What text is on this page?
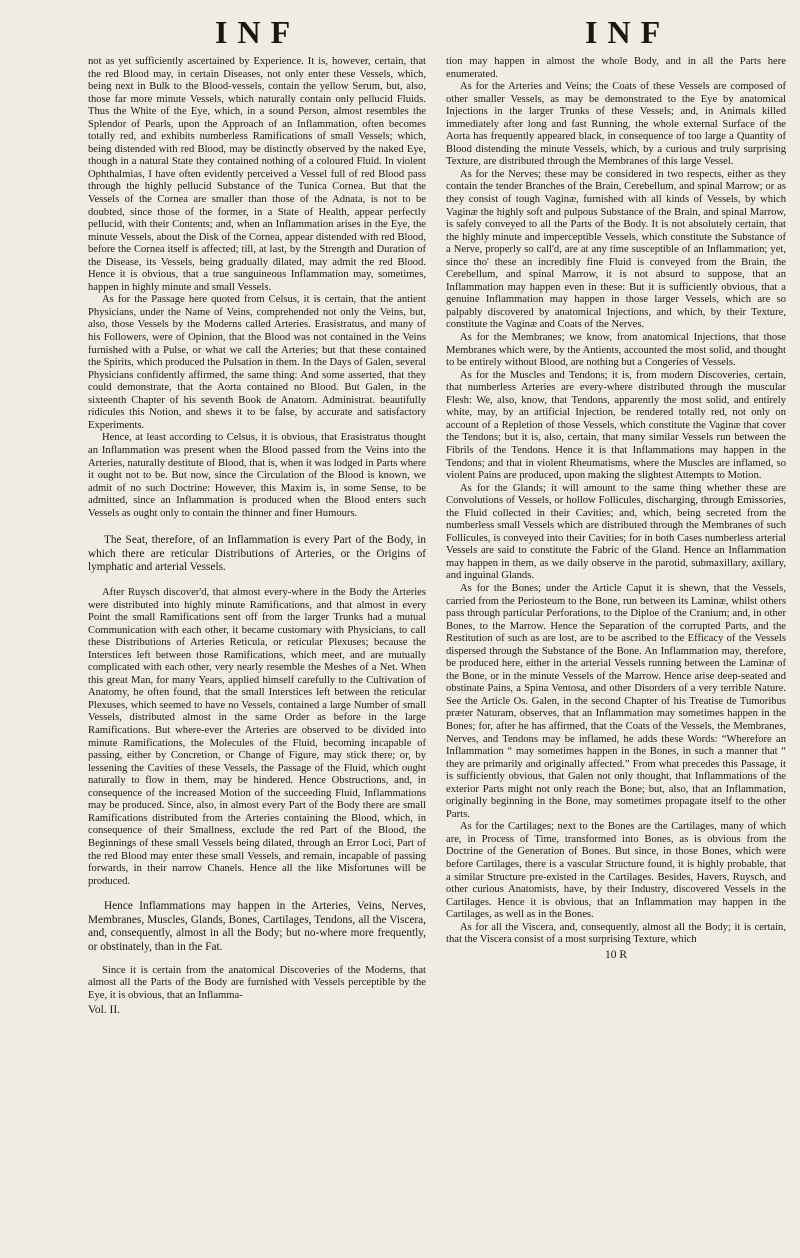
INF	INF

not as yet sufficiently ascertained by Experience. It is, however, certain, that the red Blood may, in certain Diseases, not only enter these Vessels, which, being next in Bulk to the Blood-vessels, contain the yellow Serum, but, also, those far more minute Vessels, which naturally contain only pellucid Fluids. Thus the White of the Eye, which, in a sound Person, almost resembles the Splendor of Pearls, upon the Approach of an Inflammation, often becomes totally red, and exhibits numberless Ramifications of small Vessels; which, being distended with red Blood, may be distinctly observed by the naked Eye, though in a natural State they contained nothing of a coloured Fluid. In violent Ophthalmias, I have often evidently perceived a Vessel full of red Blood pass through the highly pellucid Substance of the Tunica Cornea. But that the Vessels of the Cornea are smaller than those of the Adnata, is not to be doubted, since those of the former, in a State of Health, appear perfectly pellucid, with their Contents; and, when an Inflammation arises in the Eye, the minute Vessels, about the Disk of the Cornea, appear distended with red Blood, before the Cornea itself is affected; till, at last, by the Strength and Duration of the Disease, its Vessels, being gradually dilated, may admit the red Blood. Hence it is obvious, that a true sanguineous Inflammation may, sometimes, happen in highly minute and small Vessels.

As for the Passage here quoted from Celsus, it is certain, that the antient Physicians, under the Name of Veins, comprehended not only the Veins, but, also, those Vessels by the Moderns called Arteries. Erasistratus, and many of his Followers, were of Opinion, that the Blood was not contained in the Veins furnished with a Pulse, or what we call the Arteries; but that these contained the Spirits, which produced the Pulsation in them. In the Days of Galen, several Physicians confidently affirmed, the same thing: And some asserted, that they could demonstrate, that the Aorta contained no Blood. But Galen, in the sixteenth Chapter of his seventh Book de Anatom. Administrat. beautifully ridicules this Notion, and shews it to be false, by accurate and satisfactory Experiments.

Hence, at least according to Celsus, it is obvious, that Erasistratus thought an Inflammation was present when the Blood passed from the Veins into the Arteries, naturally destitute of Blood, that is, when it was lodged in Parts where it ought not to be. But now, since the Circulation of the Blood is known, we admit of no such Doctrine: However, this Maxim is, in some Sense, to be admitted, since an Inflammation is produced when the Blood enters such Vessels as ought only to contain the thinner and finer Humours.

The Seat, therefore, of an Inflammation is every Part of the Body, in which there are reticular Distributions of Arteries, or the Origins of lymphatic and arterial Vessels.

After Ruysch discover'd, that almost every-where in the Body the Arteries were distributed into highly minute Ramifications, and that almost in every Point the small Ramifications sent off from the larger Trunks had a mutual Communication with each other, it became customary with Physicians, to call these Distributions of Arteries Reticula, or reticular Plexuses; because the Interstices left between those Ramifications, which meet, and are mutually complicated with each other, very nearly resemble the Meshes of a Net. When this great Man, for many Years, applied himself carefully to the Cultivation of Anatomy, he often found, that the small Interstices left between the reticular Plexuses, which seemed to have no Vessels, contained a large Number of small Vessels, distributed almost in the same Order as before in the large Ramifications. But where-ever the Arteries are observed to be divided into minute Ramifications, the Molecules of the Fluid, becoming incapable of passing, either by Concretion, or Change of Figure, may stick there; or, by lessening the Cavities of these Vessels, the Passage of the Fluid, which ought naturally to flow in them, may be hindered. Hence Obstructions, and, in consequence of the increased Motion of the succeeding Fluid, Inflammations may be produced. Since, also, in almost every Part of the Body there are small Ramifications distributed from the Arteries containing the Blood, which, in consequence of their Smallness, exclude the red Part of the Blood, the Beginnings of these small Vessels being dilated, through an Error Loci, Part of the red Blood may enter these small Vessels, and remain, incapable of passing forwards, in their narrow Chanels. Hence all the like Misfortunes will be produced.

Hence Inflammations may happen in the Arteries, Veins, Nerves, Membranes, Muscles, Glands, Bones, Cartilages, Tendons, all the Viscera, and, consequently, almost in all the Body; but no-where more frequently, or obstinately, than in the Fat.

Since it is certain from the anatomical Discoveries of the Moderns, that almost all the Parts of the Body are furnished with Vessels perceptible by the Eye, it is obvious, that an Inflamma-

Vol. II.

tion may happen in almost the whole Body, and in all the Parts here enumerated.

As for the Arteries and Veins; the Coats of these Vessels are composed of other smaller Vessels, as may be demonstrated to the Eye by anatomical Injections in the larger Trunks of these Vessels; and, in Animals killed immediately after long and fast Running, the whole external Surface of the Aorta has frequently appeared black, in consequence of too large a Quantity of Blood distending the minute Vessels, which, by a curious and truly surprising Texture, are distributed through the Membranes of this large Vessel.

As for the Nerves; these may be considered in two respects, either as they contain the tender Branches of the Brain, Cerebellum, and spinal Marrow; or as they consist of tough Vaginæ, furnished with all kinds of Vessels, by which Vaginæ the highly soft and pulpous Substance of the Brain, and spinal Marrow, is safely conveyed to all the Parts of the Body. It is not absolutely certain, that the highly minute and imperceptible Vessels, which constitute the Substance of a Nerve, properly so call'd, are at any time susceptible of an Inflammation; yet, since tho' these an incredibly fine Fluid is conveyed from the Brain, the Cerebellum, and spinal Marrow, it is not absurd to suppose, that an Inflammation may happen even in these: But it is sufficiently obvious, that a genuine Inflammation may happen in those larger Vessels, which are so palpably discovered by anatomical Injections, and which, by their Texture, constitute the Vaginæ and Coats of the Nerves.

As for the Membranes; we know, from anatomical Injections, that those Membranes which were, by the Antients, accounted the most solid, and thought to be entirely without Blood, are nothing but a Congeries of Vessels.

As for the Muscles and Tendons; it is, from modern Discoveries, certain, that numberless Arteries are every-where distributed through the muscular Flesh: We, also, know, that Tendons, apparently the most solid, and entirely white, may, by an artificial Injection, be rendered totally red, not only on account of a Repletion of those Vessels, which constitute the Vaginæ that cover the Tendons; but it is, also, certain, that many similar Vessels run between the Fibrils of the Tendons. Hence it is that Inflammations may happen in the Tendons; and that in violent Rheumatisms, where the Muscles are inflamed, so violent Pains are produced, upon making the slightest Attempts to Motion.

As for the Glands; it will amount to the same thing whether these are Convolutions of Vessels, or hollow Follicules, discharging, through Emissories, the Fluid collected in their Cavities; and, which, being secreted from the numberless small Vessels which are distributed through the Membranes of such Follicules, is conveyed into their Cavities; for in both Cases numberless arterial Vessels are said to constitute the Fabric of the Gland. Hence an Inflammation may happen in them, as we daily observe in the parotid, submaxillary, axillary, and inguinal Glands.

As for the Bones; under the Article Caput it is shewn, that the Vessels, carried from the Periosteum to the Bone, run between its Laminæ, whilst others pass through particular Perforations, to the Diploe of the Cranium; and, in other Bones, to the Marrow. Hence the Separation of the corrupted Parts, and the Restitution of such as are lost, are to be ascribed to the Efficacy of the Vessels dispersed through the Substance of the Bone. An Inflammation may, therefore, be produced here, either in the arterial Vessels running between the Laminæ of the Bone, or in the minute Vessels of the Marrow. Hence arise deep-seated and obstinate Pains, a Spina Ventosa, and other Disorders of a very terrible Nature. See the Article Os. Galen, in the second Chapter of his Treatise de Tumoribus præter Naturam, observes, that an Inflammation may sometimes happen in the Bones; for, after he has affirmed, that the Coats of the Vessels, the Membranes, Nerves, and Tendons may be inflamed, he adds these Words: “Wherefore an Inflammation “ may sometimes happen in the Bones, in such a manner that “ they are primarily and originally affected.” From what precedes this Passage, it is sufficiently obvious, that Galen not only thought, that Inflammations of the exterior Parts might not only reach the Bone; but, also, that an Inflammation, originally beginning in the Bone, may sometimes propagate itself to the other Parts.

As for the Cartilages; next to the Bones are the Cartilages, many of which are, in Process of Time, transformed into Bones, as is obvious from the Doctrine of the Generation of Bones. But since, in those Bones, which were before Cartilages, there is a vascular Structure found, it is highly probable, that a similar Structure pre-existed in the Cartilages. Besides, Havers, Ruysch, and other curious Anatomists, have, by their Industry, discovered Vessels in the Cartilages. Hence it is obvious, that an Inflammation may happen in the Cartilages, as well as in the Bones.

As for all the Viscera, and, consequently, almost all the Body; it is certain, that the Viscera consist of a most surprising Texture, which

10 R
